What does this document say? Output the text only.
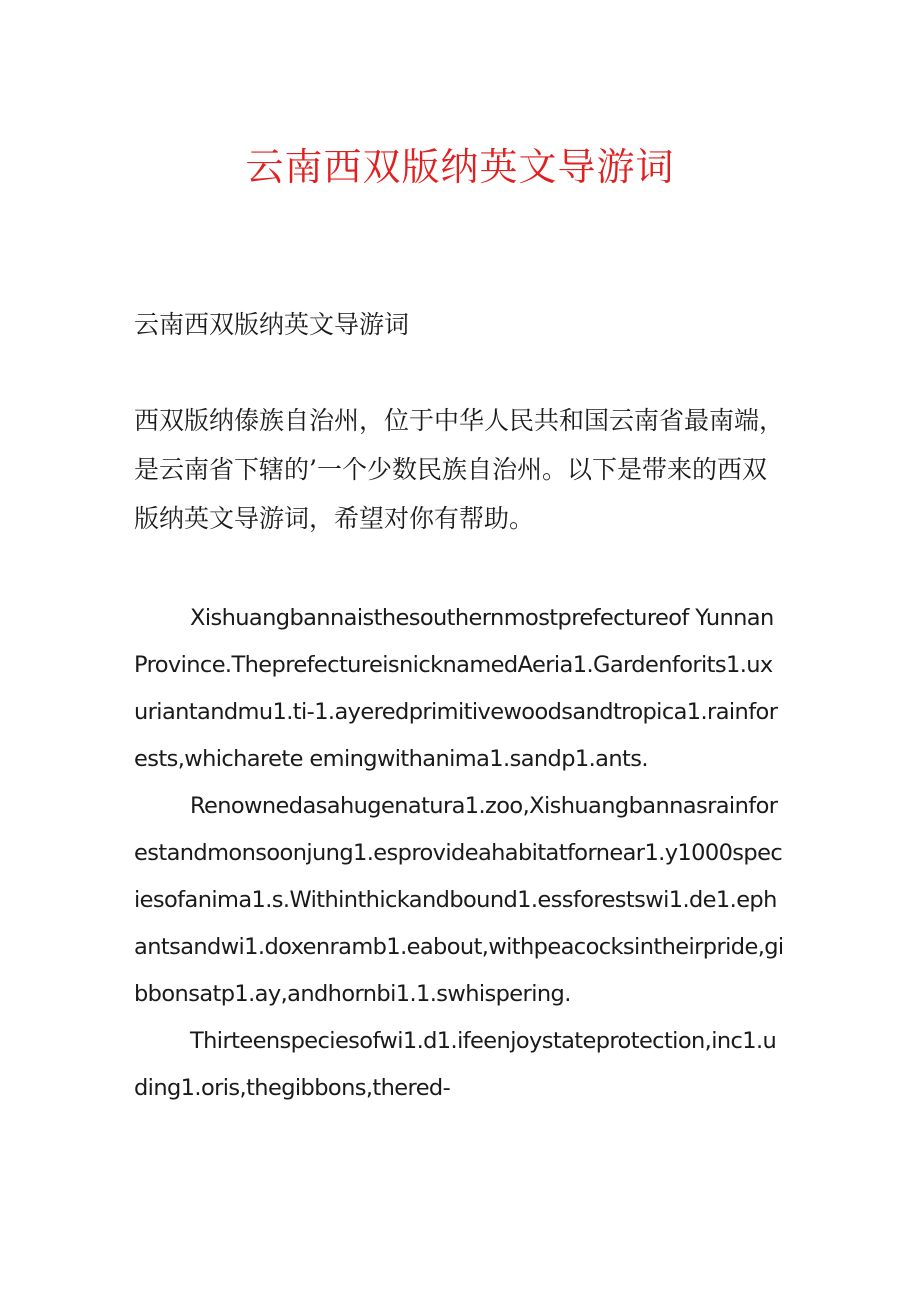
云南西双版纳英文导游词

云南西双版纳英文导游词

西双版纳傣族自治州，位于中华人民共和国云南省最南端，是云南省下辖的’一个少数民族自治州。以下是带来的西双版纳英文导游词，希望对你有帮助。

Xishuangbannaisthesouthernmostprefectureof Yunnan Province.TheprefectureisnicknamedAeria1.Gardenforits1.uxuriantandmu1.ti-1.ayeredprimitivewoodsandtropica1.rainforests,whicharete emingwithanima1.sandp1.ants.

Renownedasahugenatura1.zoo,Xishuangbannasrainforestandmonsoonjung1.esprovideahabitatfornear1.y1000speciesofanima1.s.Withinthickandbound1.essforestswi1.de1.ephantsandwi1.doxenramb1.eabout,withpeacocksintheirpride,gibbonsatp1.ay,andhornbi1.1.swhispering.

Thirteenspeciesofwi1.d1.ifeenjoystateprotection,inc1.uding1.oris,thegibbons,thered-
